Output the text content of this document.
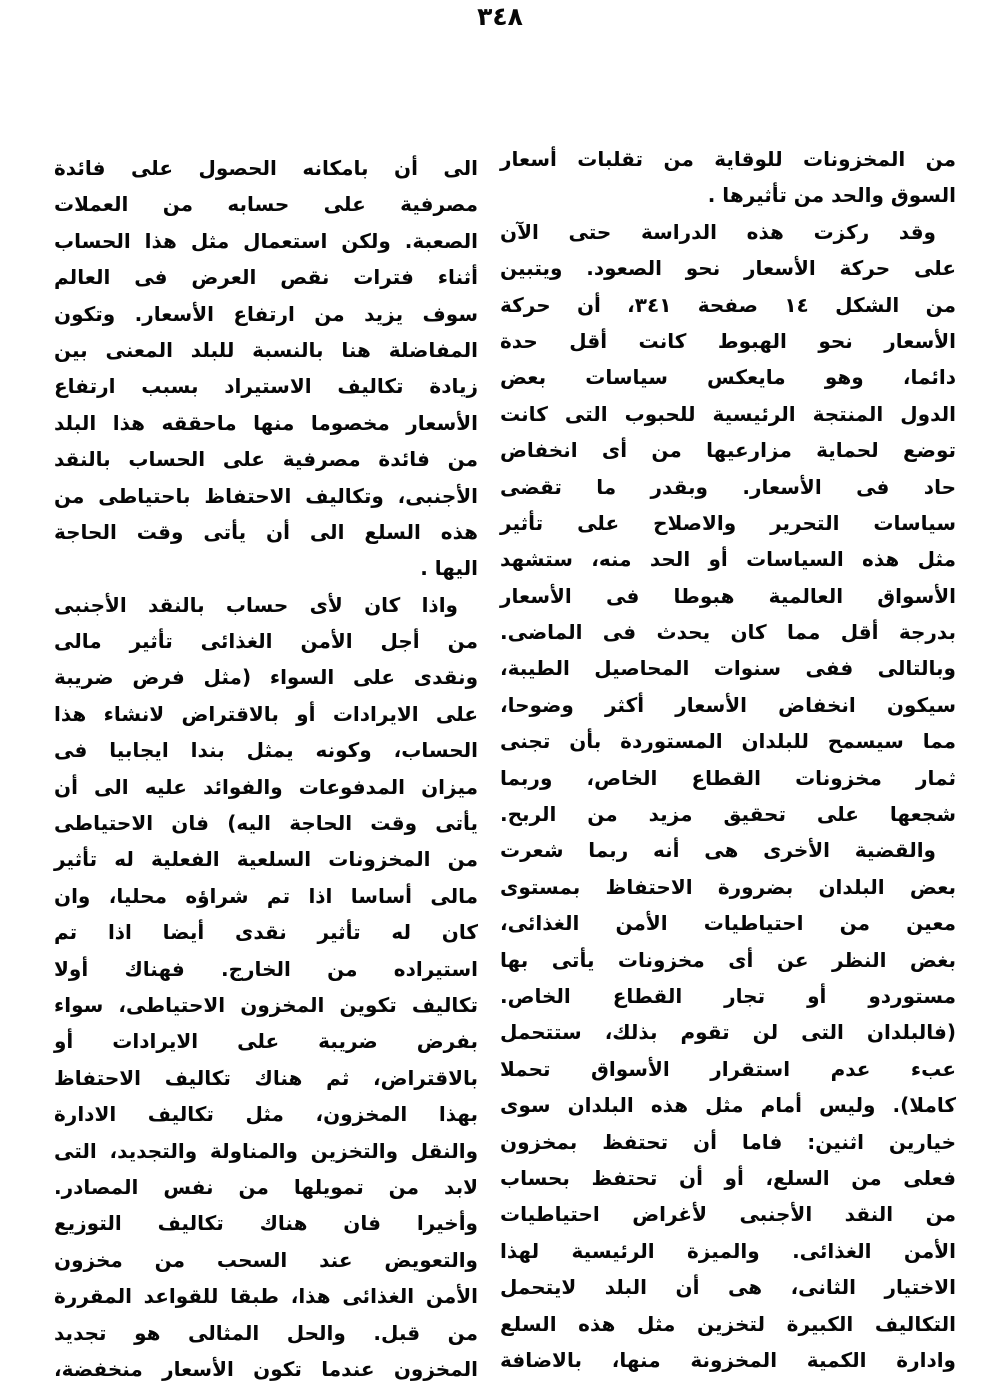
٣٤٨
من المخزونات للوقاية من تقلبات أسعار
السوق والحد من تأثيرها .
وقد ركزت هذه الدراسة حتى الآن
على حركة الأسعار نحو الصعود. ويتبين
من الشكل ١٤ صفحة ٣٤١، أن حركة
الأسعار نحو الهبوط كانت أقل حدة
دائما، وهو مايعكس سياسات بعض
الدول المنتجة الرئيسية للحبوب التى كانت
توضع لحماية مزارعيها من أى انخفاض
حاد فى الأسعار. وبقدر ما تقضى
سياسات التحرير والاصلاح على تأثير
مثل هذه السياسات أو الحد منه، ستشهد
الأسواق العالمية هبوطا فى الأسعار
بدرجة أقل مما كان يحدث فى الماضى.
وبالتالى ففى سنوات المحاصيل الطيبة،
سيكون انخفاض الأسعار أكثر وضوحا،
مما سيسمح للبلدان المستوردة بأن تجنى
ثمار مخزونات القطاع الخاص، وربما
شجعها على تحقيق مزيد من الربح.
والقضية الأخرى هى أنه ربما شعرت
بعض البلدان بضرورة الاحتفاظ بمستوى
معين من احتياطيات الأمن الغذائى،
بغض النظر عن أى مخزونات يأتى بها
مستوردو أو تجار القطاع الخاص.
(فالبلدان التى لن تقوم بذلك، ستتحمل
عبء عدم استقرار الأسواق تحملا
كاملا). وليس أمام مثل هذه البلدان سوى
خيارين اثنين: فاما أن تحتفظ بمخزون
فعلى من السلع، أو أن تحتفظ بحساب
من النقد الأجنبى لأغراض احتياطيات
الأمن الغذائى. والميزة الرئيسية لهذا
الاختيار الثانى، هى أن البلد لايتحمل
التكاليف الكبيرة لتخزين مثل هذه السلع
وادارة الكمية المخزونة منها، بالاضافة
الى أن بامكانه الحصول على فائدة
مصرفية على حسابه من العملات
الصعبة. ولكن استعمال مثل هذا الحساب
أثناء فترات نقص العرض فى العالم
سوف يزيد من ارتفاع الأسعار. وتكون
المفاضلة هنا بالنسبة للبلد المعنى بين
زيادة تكاليف الاستيراد بسبب ارتفاع
الأسعار مخصوما منها ماحققه هذا البلد
من فائدة مصرفية على الحساب بالنقد
الأجنبى، وتكاليف الاحتفاظ باحتياطى من
هذه السلع الى أن يأتى وقت الحاجة
اليها .
واذا كان لأى حساب بالنقد الأجنبى
من أجل الأمن الغذائى تأثير مالى
ونقدى على السواء (مثل فرض ضريبة
على الايرادات أو بالاقتراض لانشاء هذا
الحساب، وكونه يمثل بندا ايجابيا فى
ميزان المدفوعات والفوائد عليه الى أن
يأتى وقت الحاجة اليه) فان الاحتياطى
من المخزونات السلعية الفعلية له تأثير
مالى أساسا اذا تم شراؤه محليا، وان
كان له تأثير نقدى أيضا اذا تم
استيراده من الخارج. فهناك أولا
تكاليف تكوين المخزون الاحتياطى، سواء
بفرض ضريبة على الايرادات أو
بالاقتراض، ثم هناك تكاليف الاحتفاظ
بهذا المخزون، مثل تكاليف الادارة
والنقل والتخزين والمناولة والتجديد، التى
لابد من تمويلها من نفس المصادر.
وأخيرا فان هناك تكاليف التوزيع
والتعويض عند السحب من مخزون
الأمن الغذائى هذا، طبقا للقواعد المقررة
من قبل. والحل المثالى هو تجديد
المخزون عندما تكون الأسعار منخفضة،
